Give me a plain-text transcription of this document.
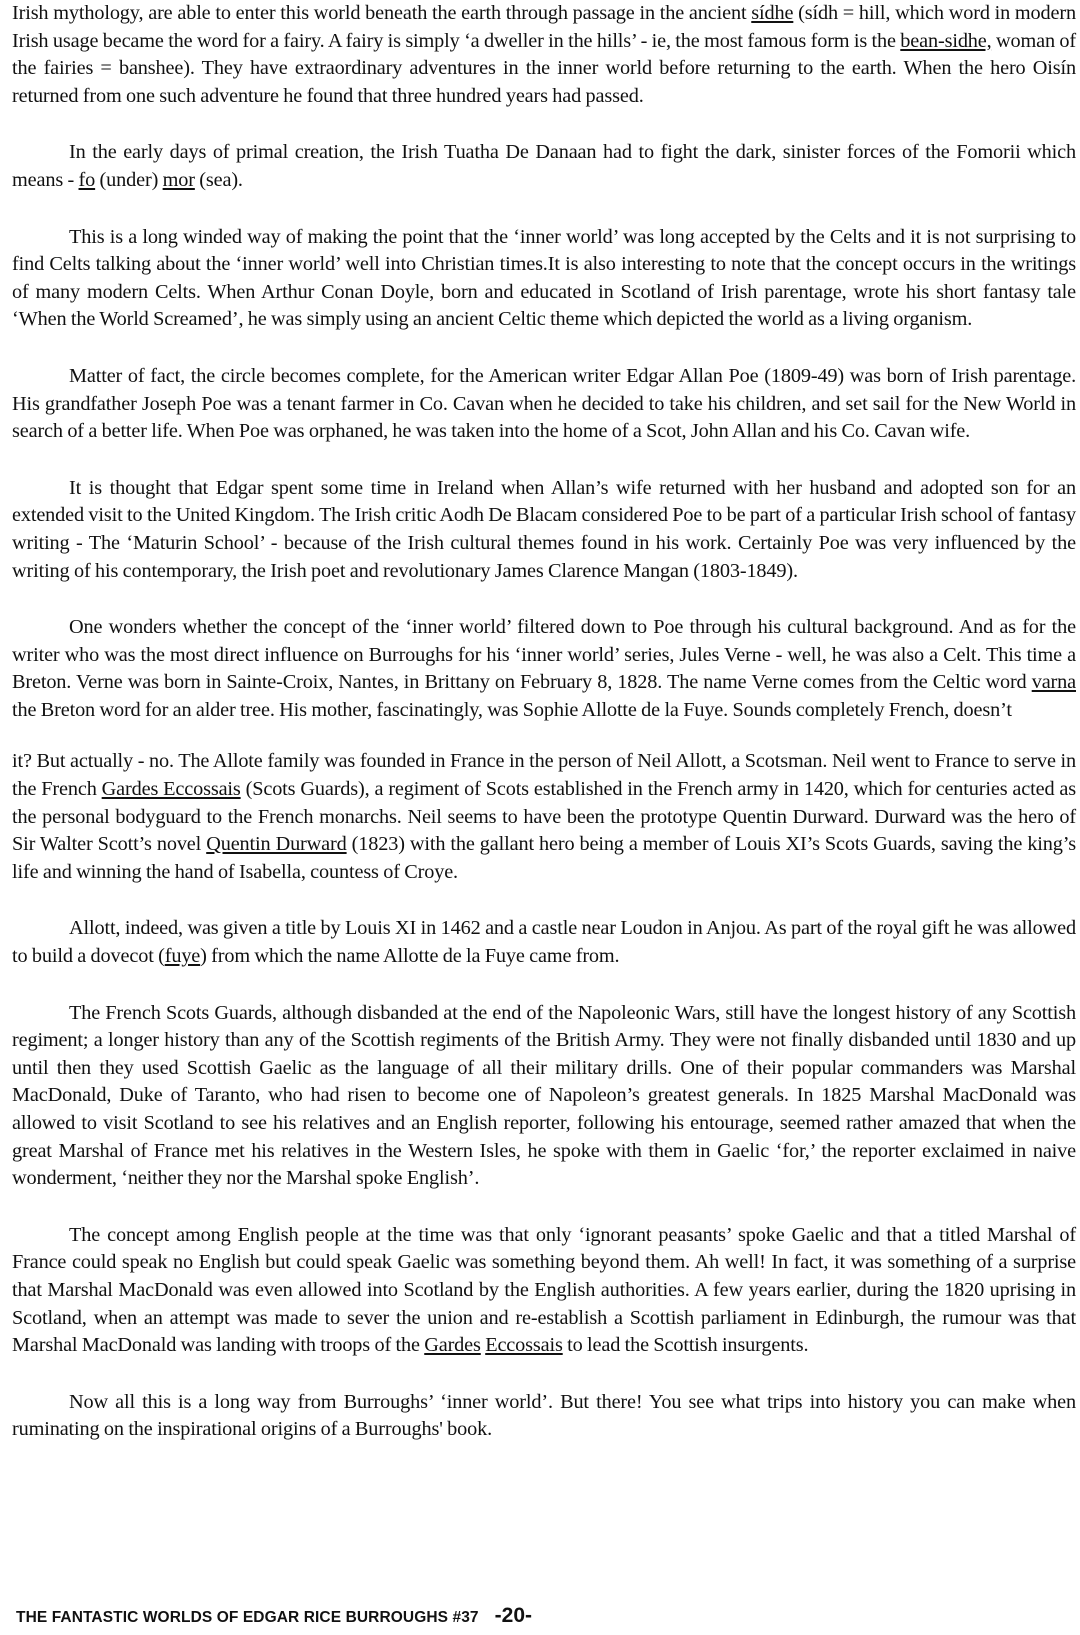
Irish mythology, are able to enter this world beneath the earth through passage in the ancient sídhe (sídh = hill, which word in modern Irish usage became the word for a fairy. A fairy is simply ‘a dweller in the hills’ - ie, the most famous form is the bean-sidhe, woman of the fairies = banshee). They have extraordinary adventures in the inner world before returning to the earth. When the hero Oisín returned from one such adventure he found that three hundred years had passed.

In the early days of primal creation, the Irish Tuatha De Danaan had to fight the dark, sinister forces of the Fomorii which means - fo (under) mor (sea).

This is a long winded way of making the point that the ‘inner world’ was long accepted by the Celts and it is not surprising to find Celts talking about the ‘inner world’ well into Christian times.It is also interesting to note that the concept occurs in the writings of many modern Celts. When Arthur Conan Doyle, born and educated in Scotland of Irish parentage, wrote his short fantasy tale ‘When the World Screamed’, he was simply using an ancient Celtic theme which depicted the world as a living organism.

Matter of fact, the circle becomes complete, for the American writer Edgar Allan Poe (1809-49) was born of Irish parentage. His grandfather Joseph Poe was a tenant farmer in Co. Cavan when he decided to take his children, and set sail for the New World in search of a better life. When Poe was orphaned, he was taken into the home of a Scot, John Allan and his Co. Cavan wife.

It is thought that Edgar spent some time in Ireland when Allan’s wife returned with her husband and adopted son for an extended visit to the United Kingdom. The Irish critic Aodh De Blacam considered Poe to be part of a particular Irish school of fantasy writing - The ‘Maturin School’ - because of the Irish cultural themes found in his work. Certainly Poe was very influenced by the writing of his contemporary, the Irish poet and revolutionary James Clarence Mangan (1803-1849).

One wonders whether the concept of the ‘inner world’ filtered down to Poe through his cultural background. And as for the writer who was the most direct influence on Burroughs for his ‘inner world’ series, Jules Verne - well, he was also a Celt. This time a Breton. Verne was born in Sainte-Croix, Nantes, in Brittany on February 8, 1828. The name Verne comes from the Celtic word varna the Breton word for an alder tree. His mother, fascinatingly, was Sophie Allotte de la Fuye. Sounds completely French, doesn’t

it? But actually - no. The Allote family was founded in France in the person of Neil Allott, a Scotsman. Neil went to France to serve in the French Gardes Eccossais (Scots Guards), a regiment of Scots established in the French army in 1420, which for centuries acted as the personal bodyguard to the French monarchs. Neil seems to have been the prototype Quentin Durward. Durward was the hero of Sir Walter Scott’s novel Quentin Durward (1823) with the gallant hero being a member of Louis XI’s Scots Guards, saving the king’s life and winning the hand of Isabella, countess of Croye.

Allott, indeed, was given a title by Louis XI in 1462 and a castle near Loudon in Anjou. As part of the royal gift he was allowed to build a dovecot (fuye) from which the name Allotte de la Fuye came from.

The French Scots Guards, although disbanded at the end of the Napoleonic Wars, still have the longest history of any Scottish regiment; a longer history than any of the Scottish regiments of the British Army. They were not finally disbanded until 1830 and up until then they used Scottish Gaelic as the language of all their military drills. One of their popular commanders was Marshal MacDonald, Duke of Taranto, who had risen to become one of Napoleon’s greatest generals. In 1825 Marshal MacDonald was allowed to visit Scotland to see his relatives and an English reporter, following his entourage, seemed rather amazed that when the great Marshal of France met his relatives in the Western Isles, he spoke with them in Gaelic ‘for,’ the reporter exclaimed in naive wonderment, ‘neither they nor the Marshal spoke English’.

The concept among English people at the time was that only ‘ignorant peasants’ spoke Gaelic and that a titled Marshal of France could speak no English but could speak Gaelic was something beyond them. Ah well! In fact, it was something of a surprise that Marshal MacDonald was even allowed into Scotland by the English authorities. A few years earlier, during the 1820 uprising in Scotland, when an attempt was made to sever the union and re-establish a Scottish parliament in Edinburgh, the rumour was that Marshal MacDonald was landing with troops of the Gardes Eccossais to lead the Scottish insurgents.

Now all this is a long way from Burroughs’ ‘inner world’. But there! You see what trips into history you can make when ruminating on the inspirational origins of a Burroughs' book.

THE FANTASTIC WORLDS OF EDGAR RICE BURROUGHS #37 -20-
